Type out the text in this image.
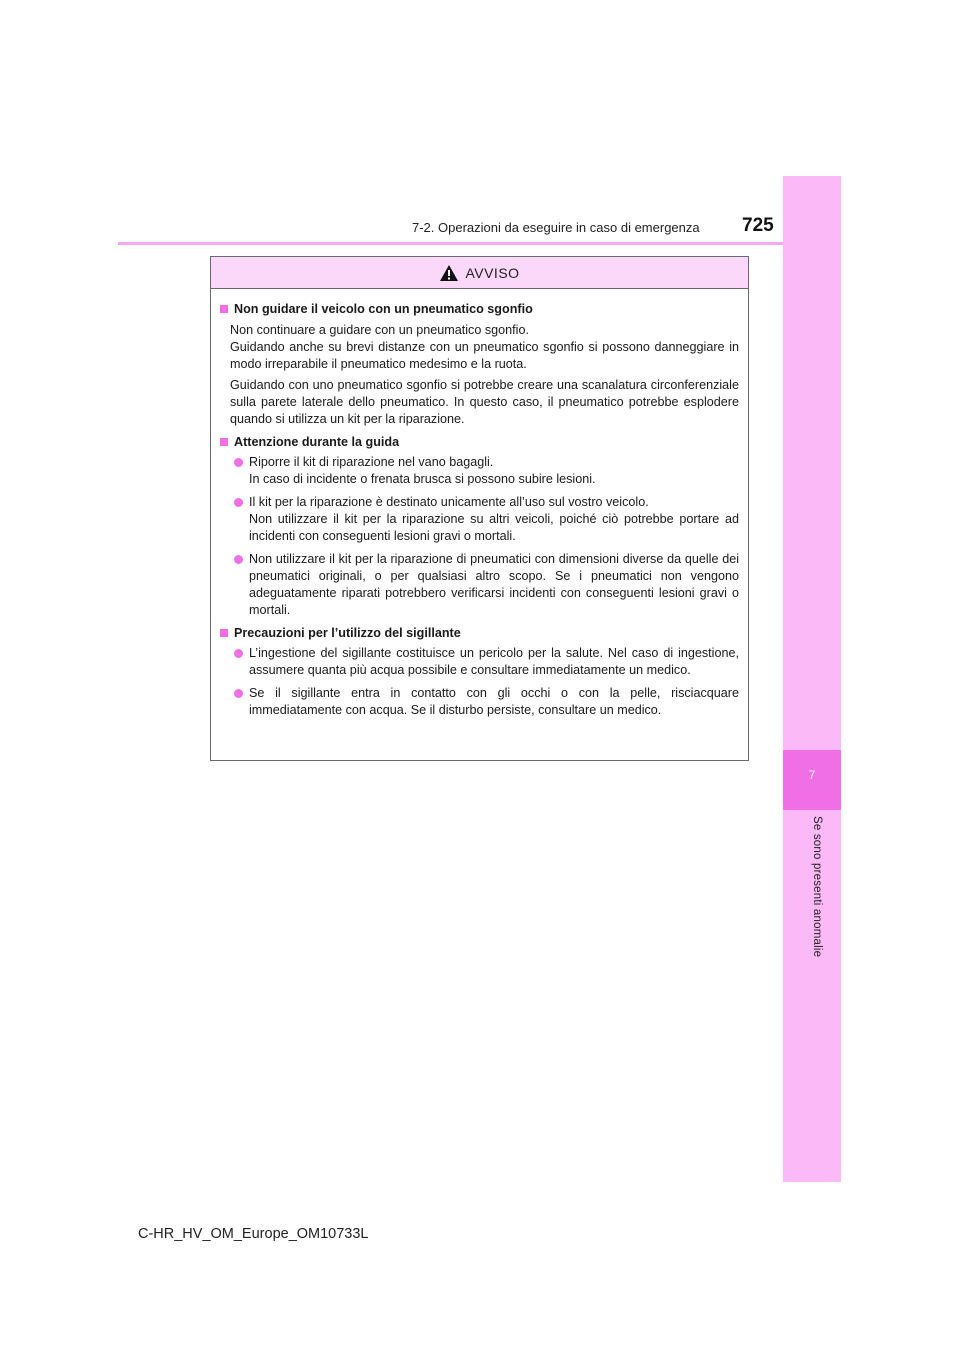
7-2. Operazioni da eseguire in caso di emergenza 725
7
Se sono presenti anomalie
AVVISO
Non guidare il veicolo con un pneumatico sgonfio
Non continuare a guidare con un pneumatico sgonfio.
Guidando anche su brevi distanze con un pneumatico sgonfio si possono danneggiare in modo irreparabile il pneumatico medesimo e la ruota.
Guidando con uno pneumatico sgonfio si potrebbe creare una scanalatura circonferenziale sulla parete laterale dello pneumatico. In questo caso, il pneumatico potrebbe esplodere quando si utilizza un kit per la riparazione.
Attenzione durante la guida
Riporre il kit di riparazione nel vano bagagli.
In caso di incidente o frenata brusca si possono subire lesioni.
Il kit per la riparazione è destinato unicamente all’uso sul vostro veicolo.
Non utilizzare il kit per la riparazione su altri veicoli, poiché ciò potrebbe portare ad incidenti con conseguenti lesioni gravi o mortali.
Non utilizzare il kit per la riparazione di pneumatici con dimensioni diverse da quelle dei pneumatici originali, o per qualsiasi altro scopo. Se i pneumatici non vengono adeguatamente riparati potrebbero verificarsi incidenti con conseguenti lesioni gravi o mortali.
Precauzioni per l’utilizzo del sigillante
L’ingestione del sigillante costituisce un pericolo per la salute. Nel caso di ingestione, assumere quanta più acqua possibile e consultare immediatamente un medico.
Se il sigillante entra in contatto con gli occhi o con la pelle, risciacquare immediatamente con acqua. Se il disturbo persiste, consultare un medico.
C-HR_HV_OM_Europe_OM10733L
